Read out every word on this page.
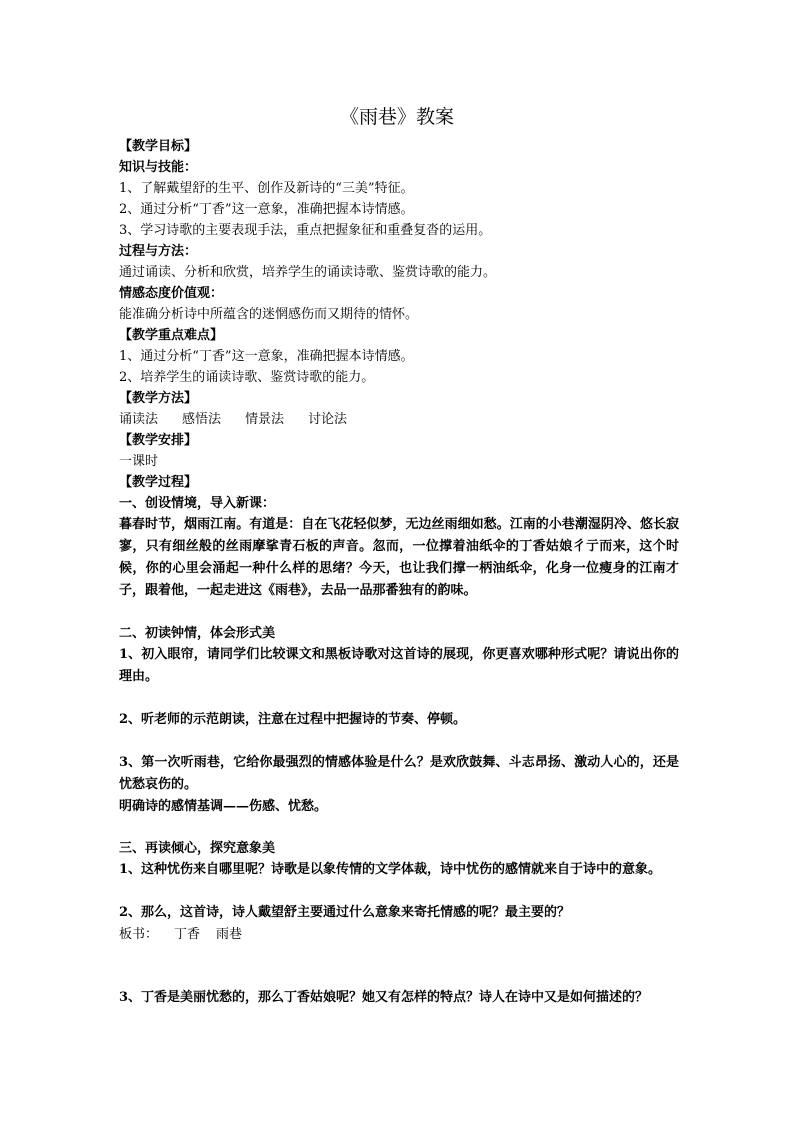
《雨巷》教案
【教学目标】
知识与技能：
1、了解戴望舒的生平、创作及新诗的“三美”特征。
2、通过分析“丁香”这一意象，准确把握本诗情感。
3、学习诗歌的主要表现手法，重点把握象征和重叠复沓的运用。
过程与方法：
通过诵读、分析和欣赏，培养学生的诵读诗歌、鉴赏诗歌的能力。
情感态度价值观：
能准确分析诗中所蕴含的迷惘感伤而又期待的情怀。
【教学重点难点】
1、通过分析“丁香”这一意象，准确把握本诗情感。
2、培养学生的诵读诗歌、鉴赏诗歌的能力。
【教学方法】
诵读法 感悟法 情景法 讨论法
【教学安排】
一课时
【教学过程】
一、创设情境，导入新课：
暮春时节，烟雨江南。有道是：自在飞花轻似梦，无边丝雨细如愁。江南的小巷潮湿阴冷、悠长寂寥，只有细丝般的丝雨摩挲青石板的声音。忽而，一位撑着油纸伞的丁香姑娘彳亍而来，这个时候，你的心里会涌起一种什么样的思绪？今天，也让我们撑一柄油纸伞，化身一位瘦身的江南才子，跟着他，一起走进这《雨巷》，去品一品那番独有的韵味。
二、初读钟情，体会形式美
1、初入眼帘，请同学们比较课文和黑板诗歌对这首诗的展现，你更喜欢哪种形式呢？请说出你的理由。
2、听老师的示范朗读，注意在过程中把握诗的节奏、停顿。
3、第一次听雨巷，它给你最强烈的情感体验是什么？是欢欣鼓舞、斗志昂扬、激动人心的，还是忧愁哀伤的。
明确诗的感情基调——伤感、忧愁。
三、再读倾心，探究意象美
1、这种忧伤来自哪里呢？诗歌是以象传情的文学体裁，诗中忧伤的感情就来自于诗中的意象。
2、那么，这首诗，诗人戴望舒主要通过什么意象来寄托情感的呢？最主要的？
板书： 丁香 雨巷
3、丁香是美丽忧愁的，那么丁香姑娘呢？她又有怎样的特点？诗人在诗中又是如何描述的？
